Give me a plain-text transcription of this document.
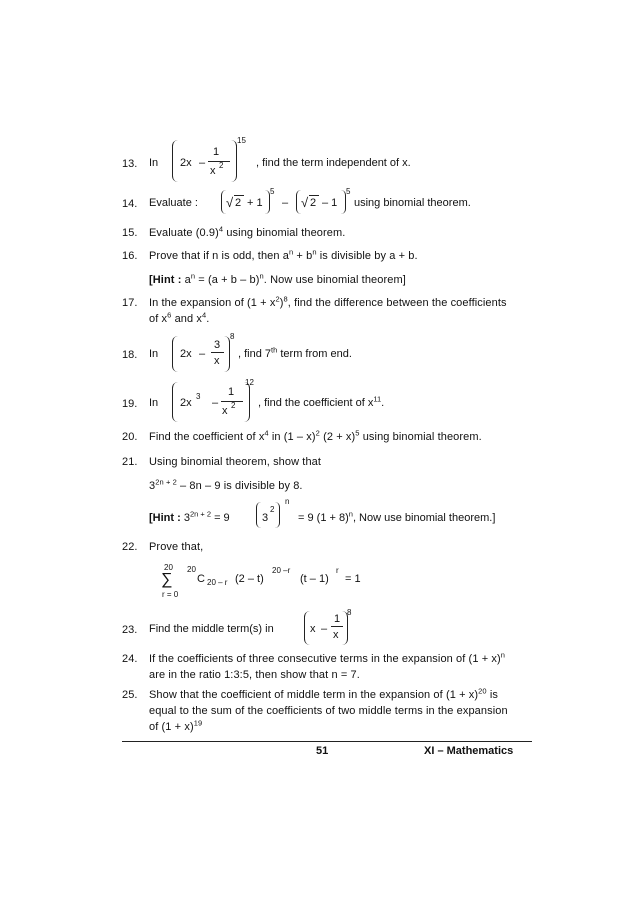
13. In 2x –
1
x 2
15
, find the term independent of x.
14. Evaluate : √ 2 + 1
5
– √ 2 – 1
5
using binomial theorem.
15. Evaluate $(0.9)^4$ using binomial theorem.
16. Prove that if n is odd, then $a^n + b^n$ is divisible by a + b.
[Hint : $a^n = (a + b - b)^n$. Now use binomial theorem]
17. In the expansion of $(1 + x^2)^8$, find the difference between the coefficients
of $x^6$ and $x^4$.
18. In 2x –
3
x
8
, find 7th term from end.
19. In 2x
3
–
1
x 2
12
, find the coefficient of $x^{11}$.
20. Find the coefficient of $x^4$ in (1 – x)$^2$ $(2 + x)^5$ using binomial theorem.
21. Using binomial theorem, show that
$3^{2n + 2} - 8n - 9$ is divisible by 8.
[Hint : $3^{2n + 2} = 9$	3
2
n
= 9 $(1 + 8)^n$, Now use binomial theorem.]
22. Prove that,
20
∑
r = 0
20
C 20 – r (2 – t)
20 –r
(t – 1)
r
= 1
23. Find the middle term(s) in	x –
1
x
8
24. If the coefficients of three consecutive terms in the expansion of $(1 + x)^n$
are in the ratio 1:3:5, then show that n = 7.
25. Show that the coefficient of middle term in the expansion of $(1 + x)^{20}$ is
equal to the sum of the coefficients of two middle terms in the expansion
of $(1 + x)^{19}$
51	XI – Mathematics
